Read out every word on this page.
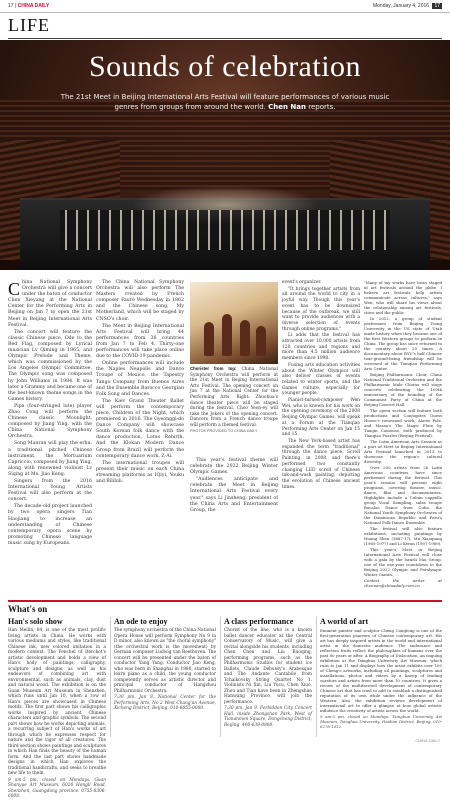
17 | CHINA DAILY	Monday, January 4, 2016 17
LIFE
Sounds of celebration
The 21st Meet in Beijing International Arts Festival will feature performances of various music genres from groups from around the world. Chen Nan reports.

China National Symphony Orchestra will give a concert under the baton of conductor Chen Xieyang at the National Center for the Performing Arts in Beijing on Jan 7 to open the 21st Meet in Beijing International Arts Festival.

The concert will feature the classic Chinese piece, Ode to the Red Flag, composed by Lyrical musician Lv Qiming in 1965, and Olympic Prelude and Theme, which was commissioned by the Los Angeles Olympic Committee. The Olympic song was composed by John Williams in 1984. It was later a Grammy and became one of the best-known theme songs in the Games history.

Pipa (four-stringed lute) player Zhao Cong will perform the Chinese classic Moonlight, composed by Jiang Ying, with the China National Symphony Orchestra.

Song Manran will play the erhu, a traditional pitched Chinese instrument, the Mortuarium Capriccio, composed by Jiang Ying, along with renowned violinist Lv Siqing at Ms. Jiao Keng.

Singers from the 2016 International Young Artists Festival will also perform at the concert.

The decade-old project launched by two opera singers Tian Haojiang to increase an understanding of Chinese contemporary opera scene by promoting Chinese language music sung by Europeans.

The China National Symphony Orchestra will also perform The Masters created by French composer Fauré Wednesday in 1862 and the Chinese song, My Motherland, which will be staged by CNSO's choir.

The Meet in Beijing International Arts Festival will bring 44 performances from 36 countries from Jan 7 to Feb 4. Thirty-one performances will take place online due to the COVID-19 pandemic.

Online performances will include the Naples Neapolis and Dance Troupe of Mexico, the Tapestry Tango Company from Buenos Aires and the Ensemble Barocco Georgian Folk Song and Dances.

The Kiev Grand Theater Ballet will perform the contemporary piece, Children of the Night, which premiered in 2016. The Gyeonggi-do Dance Company will showcase South Korean folk dance with the dance production, Lotus Rebirth. And the Klokan Modern Dance Group from Brazil will perform the contemporary dance work, Z-Ai.

The international troupes will present their music on each China streaming platforms as IQiyi, Youku and Bilibili.

Chorister from top: China National Symphony Orchestra will perform at the 21st Meet in Beijing International Arts Festival. The opening concert on Jan 7 at the National Center for the Performing Arts. Right: Zhuohua's dance theater piece will be staged during the festival. Choo Yeon-ey will take the Jokers of the opening concert. Dancers from a French dance troupe will perform a themed festival.
PHOTOS PROVIDED TO CHINA DAILY

This year's festival theme will celebrate the 2022 Beijing Winter Olympic Games.

"Audiences anticipate and celebrate the Meet in Beijing International Arts Festival every year," says Li Jinsheng, president of the China Arts and Entertainment Group, the

event's organizer.

"It brings together artists from all around the world to city in a joyful way. Though this year's event has to be downsized because of the outbreak, we still want to provide audiences with a diverse selection of events through online programs."

Li adds that the festival has attracted over 10,000 artists from 120 countries and regions and more than 4.5 million audience members since 1998.

Fusing arts education activities about the Winter Olympics will also deliver classes of events related to winter sports, and the Games culture, especially for younger people.

Pianist-turned-composer Wen Wei, who is known for his work on the opening ceremony of the 2008 Beijing Olympic Games, will speak at a Forum at the Tianqiao Performing Arts Center on Jan 15 and 15.

The New York-based artist has expanded the term "traditional" through the dance piece, Scroll Painting, in 2008, and there's performed two constantly changing LED scroll of Chinese ink-and-wash painting, depicting the evolution of Chinese ancient times.

"Many of my works have been staged at art festivals around the globe. I believe art festivals help artists communicate across cultures," says Wen, who will share his views about the relationship among art festivals, cities and the public.

In 2012, a group of student performers from Beijing Tsong University in the US state of Utah made history when they became one of the first Western groups to perform in China. The group has since returned to the country about 20 times. A documentary about BYU's half Chinese tour-ground-being friendship will be screened at the Tianqiao Performing Arts Center.

Beijing Philharmonic Choir, China National Traditional Orchestra and the Philharmonic Male Chorus will stage concerts celebrating the 100th anniversary of the founding of the Communist Party of China at the Beijing Concert Hall.

The opera section will feature both productions and Conjugates Guess House's renowned work, Alarm Pole, and Massa's The Magic Flute by Tianjin Comeuse, both produced by Tianqiao Puzzles (Beijing Festival).

The Latin American Arts Session as a part of Meet in Beijing International Arts Festival launched in 2013 to showcase the region's cultural diversity.

Over 200 artists from 26 Latin American countries have since performed during the festival. This year's session will present eight programs, covering theater, music, dance, film and documentaries. Highlights include a Cuban cappella group Vocal Sampling, salsa troupe Bacalao Dance from Cuba, the National Youth Symphony Orchestra of the Dominican Republic and Peru's National Folk Dance Ensemble.

The festival will also feature exhibitions, including paintings by Huang Shen (1687-1?), Mu Xiaoqiang (1965-1977) and Li Keran (1907-1989).

This year's Meet in Beijing International Arts Festival will close with a gala by the Israeli Mai Group, one of the one-year countdown to the Beijing 2022 Olympic and Paralympic Winter Games.

Contact the writer at chennan@chinadaily.com.cn

What's on
Han's solo show

Han Meilin, 84, is one of the most prolific living artists in China. He works with various mediums and styles, like traditional Chinese ink, new colored imitation in a modern context. The Fenchel of Iterchot's artistic development and holds a view of Han's body of paintings, calligraphy, sculpture and designs, as well as his endeavors of combining art with environmental, such as animals, clay, dust and natural wood. The exhibition is on the Guan Museum Art Museum in Shenzhen, which runs until Jan 10, when a row of Han's pieces are showcased in Chinese motifs. The first part shows his calligraphic works inspired by ancient Chinese characters and graphic symbols. The second part shows how he works depicting animals, a recurring subject of Han's works of art through which he expresses respect for nature and the vigor of all creatures. The third section shows paintings and sculptures in which Han finds the beauty of the human form. And the last part shows handmade designs in which Han explores the traditional handicrafts, and seeks to breathe new life to them.

9 am-5 pm, closed on Mondays. Guan Shanyue Art Museum, 6026 Hongli Road, Shenzhen, Guangdong province. 0755-8306-6008.

An ode to enjoy

The symphony orchestra of the China National Opera House will perform Symphony No 9 in D minor, also known as "the choral symphony" (the orchestral work is the movement) by German composer Ludwig van Beethoven. The concert will be presented under the baton of conductor Yang Yang. Conductor Jiao Keng, who was born in Shanghai in 1980, started to learn piano as a child, the young conductor competently serves as artistic director and principal conductor of Hangzhou Philharmonic Orchestra.

7:30 pm, Jan 8. National Center for the Performing Arts, No 2 West Chang'an Avenue, Xicheng District, Beijing. 010-6655-0000.

A class performance

Chorist of the line, who is a known ballet dancer educator at the Central Conservatory of Music, will give a recital alongside his students, including Chen Chen and Liu Ruoqing, performing programs, such as the Philharmonic Studios for student ice Ballets, Claude Debussy's Arabesque and The Andante Cantabile from Tchaikovsky String Quartet No 1. Violinists Ni Xin, Liu Yucu, Chen Xiuo, Zhou and Tian have been in Zhengshan Hanwang Province, will join the performance.

7:30 pm, Jan 9. Forbidden City Concert Hall, inside Zhongshan Park, West of Tiananmen Square, Dongcheng District, Beijing. 400-638-0808.

A world of art

Eminent painter and sculptor Cheng Conglong is one of the first-generation pioneers of Chinese contemporary art. His art has deeply inspired artists in the world and international artist in the domestic audience. The endurance and reflection fruits reflect the philosophies of humans over the past 80 years or after. A Biography of Dislocation, an ongoing exhibition at the Tsinghua University Art Museum, which runs to Jan 11 and displays how the artist exhibits over 100 of Cheng's artworks, including oil paintings, sculptures and installations, photos and videos by a lineup of leading curators and artists from more than 10 countries. It gives a review of the multifaceted development of contemporary Chinese art that has tried to add to establish a distinguished reputation of its own while under the influence of the Western. Also, the exhibition reviews development of international art to offer a glimpse at how global artistic influence the creativity of artists across the world.

9 am-5 pm, closed on Mondays. Tsinghua University Art Museum, Tsinghua University, Haidian District, Beijing. 010-6278-1012.

CHINA DAILY
